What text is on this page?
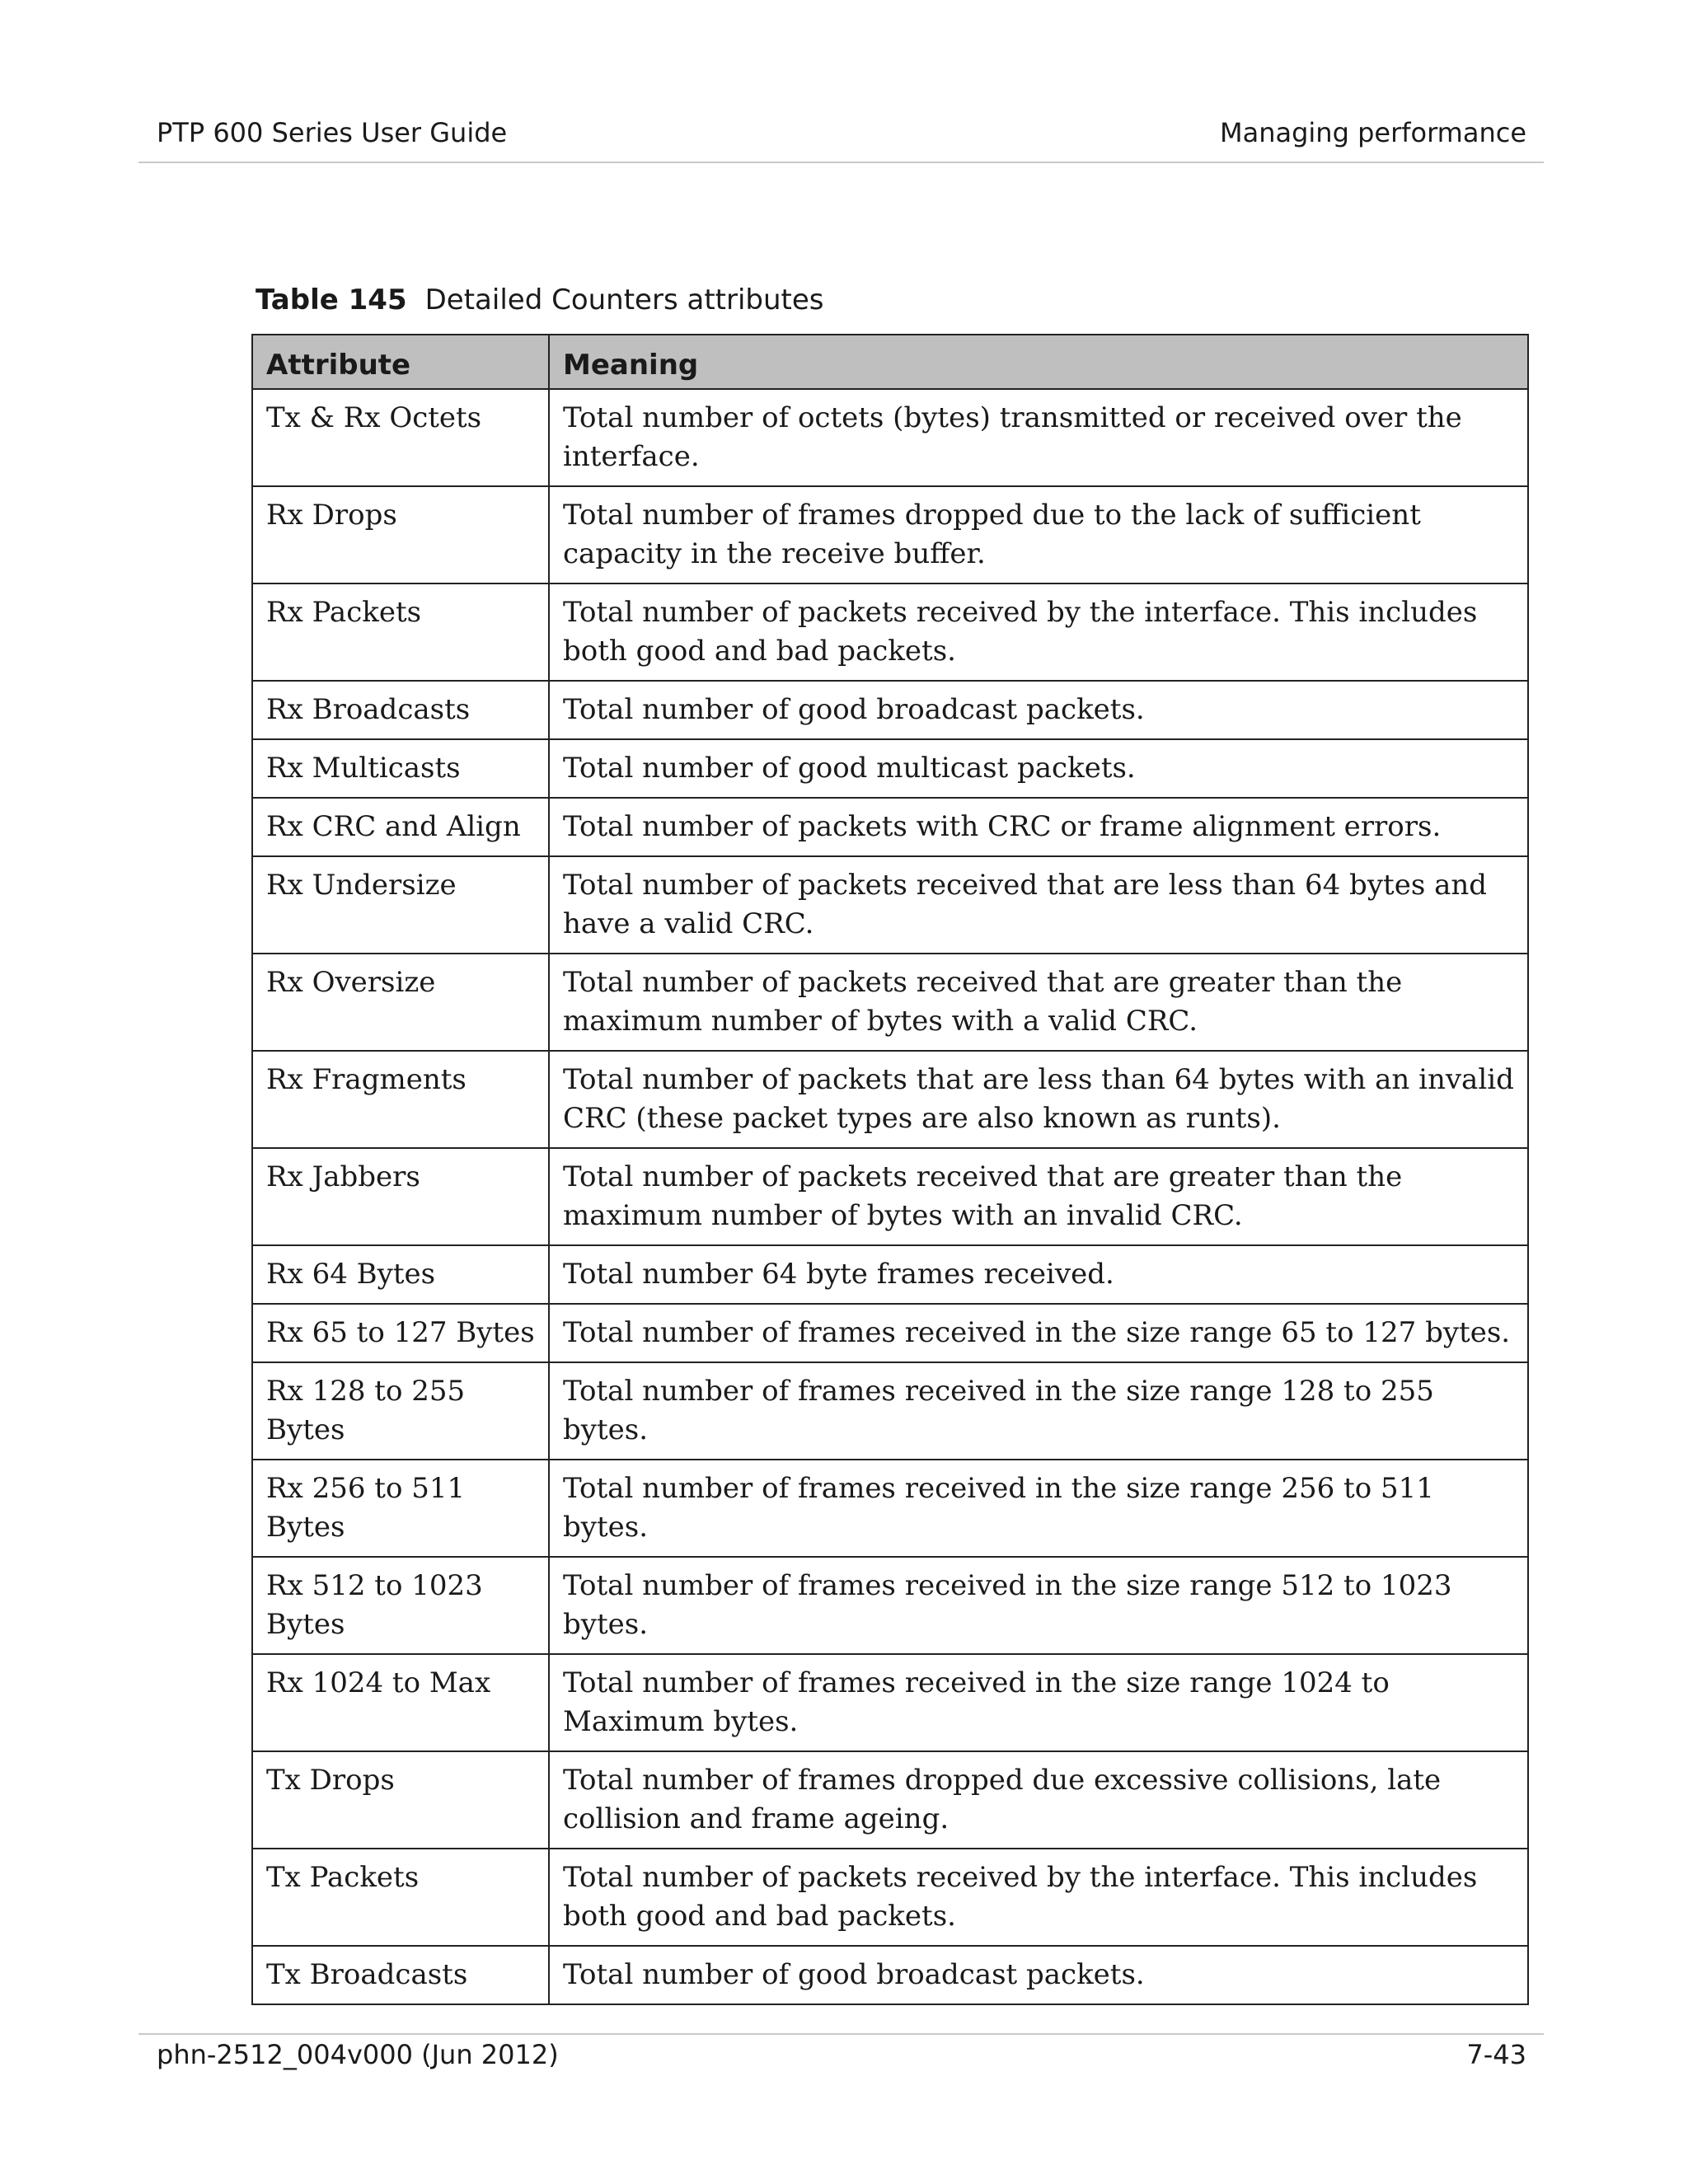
PTP 600 Series User Guide	Managing performance
Table 145 Detailed Counters attributes
Attribute	Meaning
Tx & Rx Octets	Total number of octets (bytes) transmitted or received over the interface.
Rx Drops	Total number of frames dropped due to the lack of sufficient capacity in the receive buffer.
Rx Packets	Total number of packets received by the interface. This includes both good and bad packets.
Rx Broadcasts	Total number of good broadcast packets.
Rx Multicasts	Total number of good multicast packets.
Rx CRC and Align	Total number of packets with CRC or frame alignment errors.
Rx Undersize	Total number of packets received that are less than 64 bytes and have a valid CRC.
Rx Oversize	Total number of packets received that are greater than the maximum number of bytes with a valid CRC.
Rx Fragments	Total number of packets that are less than 64 bytes with an invalid CRC (these packet types are also known as runts).
Rx Jabbers	Total number of packets received that are greater than the maximum number of bytes with an invalid CRC.
Rx 64 Bytes	Total number 64 byte frames received.
Rx 65 to 127 Bytes	Total number of frames received in the size range 65 to 127 bytes.
Rx 128 to 255 Bytes	Total number of frames received in the size range 128 to 255 bytes.
Rx 256 to 511 Bytes	Total number of frames received in the size range 256 to 511 bytes.
Rx 512 to 1023 Bytes	Total number of frames received in the size range 512 to 1023 bytes.
Rx 1024 to Max	Total number of frames received in the size range 1024 to Maximum bytes.
Tx Drops	Total number of frames dropped due excessive collisions, late collision and frame ageing.
Tx Packets	Total number of packets received by the interface. This includes both good and bad packets.
Tx Broadcasts	Total number of good broadcast packets.
phn-2512_004v000 (Jun 2012)	7-43
